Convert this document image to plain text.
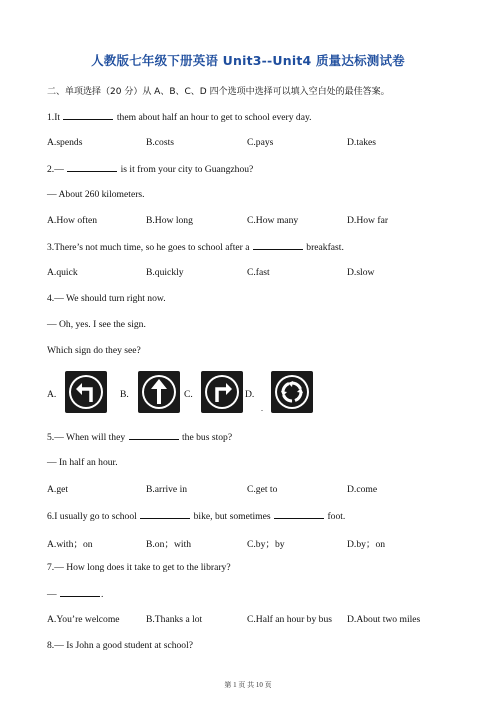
人教版七年级下册英语 Unit3--Unit4 质量达标测试卷
二、单项选择（20 分）从 A、B、C、D 四个选项中选择可以填入空白处的最佳答案。
1.It	them about half an hour to get to school every day.
A.spends	B.costs	C.pays	D.takes
2.—	is it from your city to Guangzhou?
— About 260 kilometers.
A.How often	B.How long	C.How many	D.How far
3.There’s not much time, so he goes to school after a	breakfast.
A.quick	B.quickly	C.fast	D.slow
4.— We should turn right now.
— Oh, yes. I see the sign.
Which sign do they see?
A.	B.	C.	D.
.
5.— When will they	the bus stop?
— In half an hour.
A.get	B.arrive in	C.get to	D.come
6.I usually go to school	bike, but sometimes	foot.
A.with；on	B.on；with	C.by；by	D.by；on
7.— How long does it take to get to the library?
—	.
A.You’re welcome	B.Thanks a lot	C.Half an hour by bus D.About two miles
8.— Is John a good student at school?
第 1 页 共 10 页
